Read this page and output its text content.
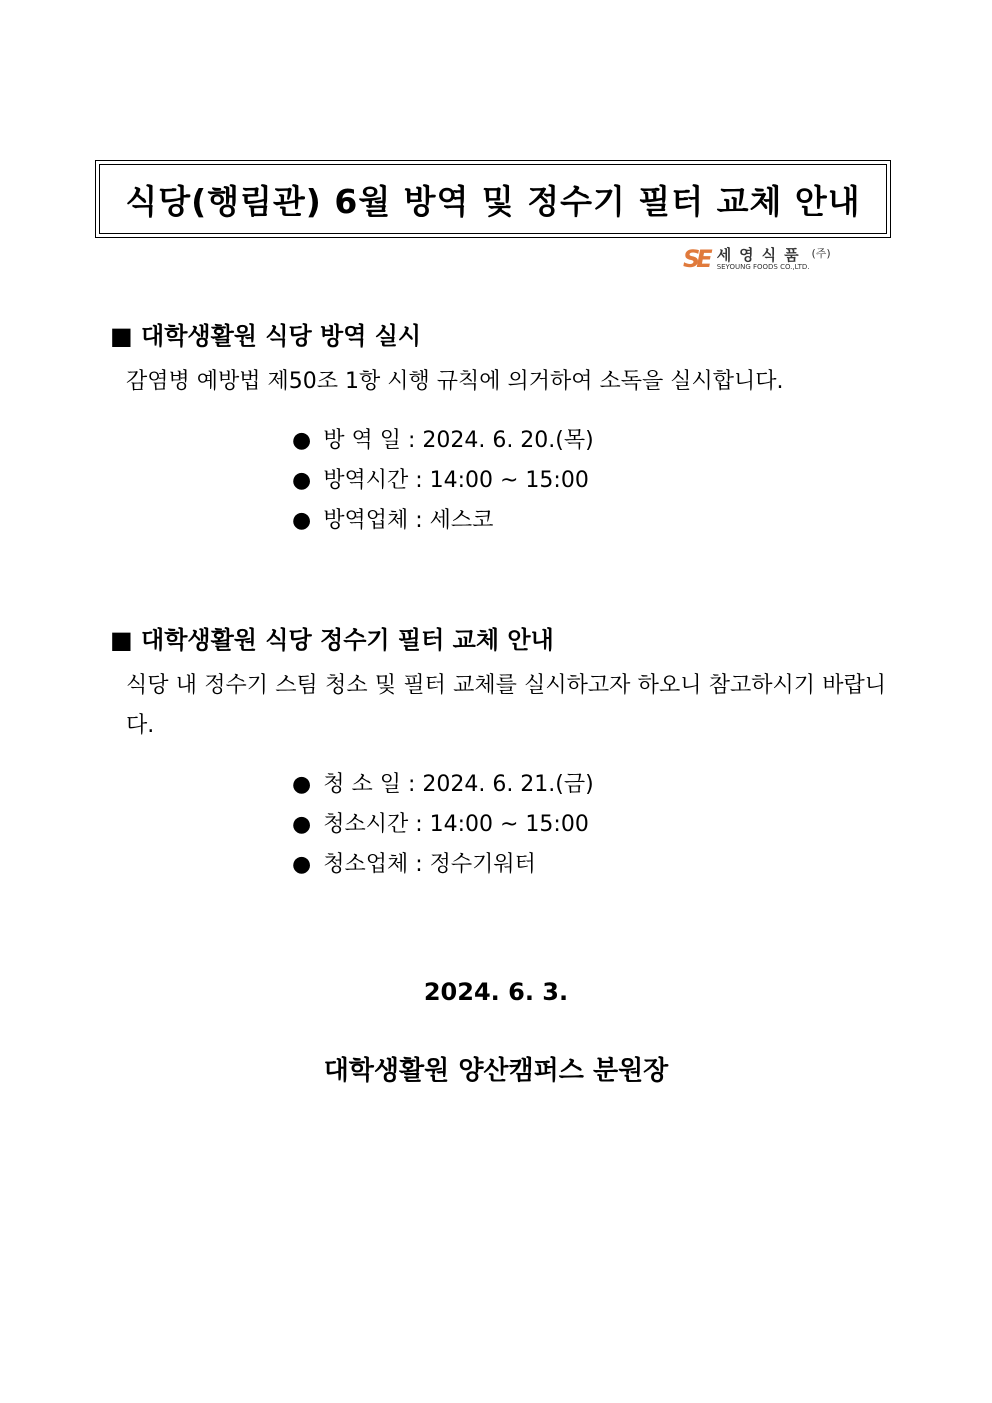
식당(행림관) 6월 방역 및 정수기 필터 교체 안내
SE 세영식품
SEYOUNG FOODS CO.,LTD.
(주)
■ 대학생활원 식당 방역 실시
감염병 예방법 제50조 1항 시행 규칙에 의거하여 소독을 실시합니다.
● 방 역 일 : 2024. 6. 20.(목)
● 방역시간 : 14:00 ~ 15:00
● 방역업체 : 세스코
■ 대학생활원 식당 정수기 필터 교체 안내
식당 내 정수기 스팀 청소 및 필터 교체를 실시하고자 하오니 참고하시기 바랍니다.
● 청 소 일 : 2024. 6. 21.(금)
● 청소시간 : 14:00 ~ 15:00
● 청소업체 : 정수기워터
2024. 6. 3.
대학생활원 양산캠퍼스 분원장
